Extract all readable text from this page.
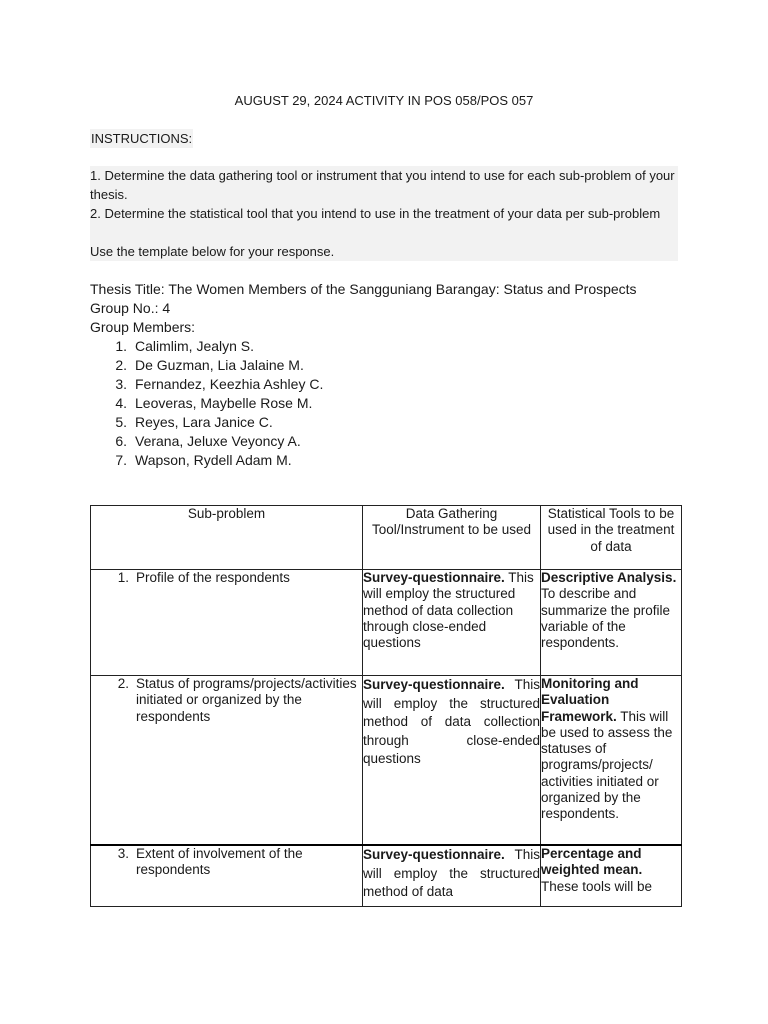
AUGUST 29, 2024 ACTIVITY IN POS 058/POS 057
INSTRUCTIONS:

1. Determine the data gathering tool or instrument that you intend to use for each sub-problem of your thesis.

2. Determine the statistical tool that you intend to use in the treatment of your data per sub-problem

Use the template below for your response.

Thesis Title: The Women Members of the Sangguniang Barangay: Status and Prospects
Group No.: 4
Group Members:
1. Calimlim, Jealyn S.
2. De Guzman, Lia Jalaine M.
3. Fernandez, Keezhia Ashley C.
4. Leoveras, Maybelle Rose M.
5. Reyes, Lara Janice C.
6. Verana, Jeluxe Veyoncy A.
7. Wapson, Rydell Adam M.
Sub-problem	Data Gathering Tool/Instrument to be used	Statistical Tools to be used in the treatment of data

1. Profile of the respondents	Survey-questionnaire. This will employ the structured method of data collection through close-ended questions	Descriptive Analysis. To describe and summarize the profile variable of the respondents.

2. Status of programs/projects/activities initiated or organized by the respondents	Survey-questionnaire. This will employ the structured method of data collection through close-ended questions	Monitoring and Evaluation Framework. This will be used to assess the statuses of programs/projects/ activities initiated or organized by the respondents.

3. Extent of involvement of the respondents	Survey-questionnaire. This will employ the structured method of data	Percentage and weighted mean. These tools will be
